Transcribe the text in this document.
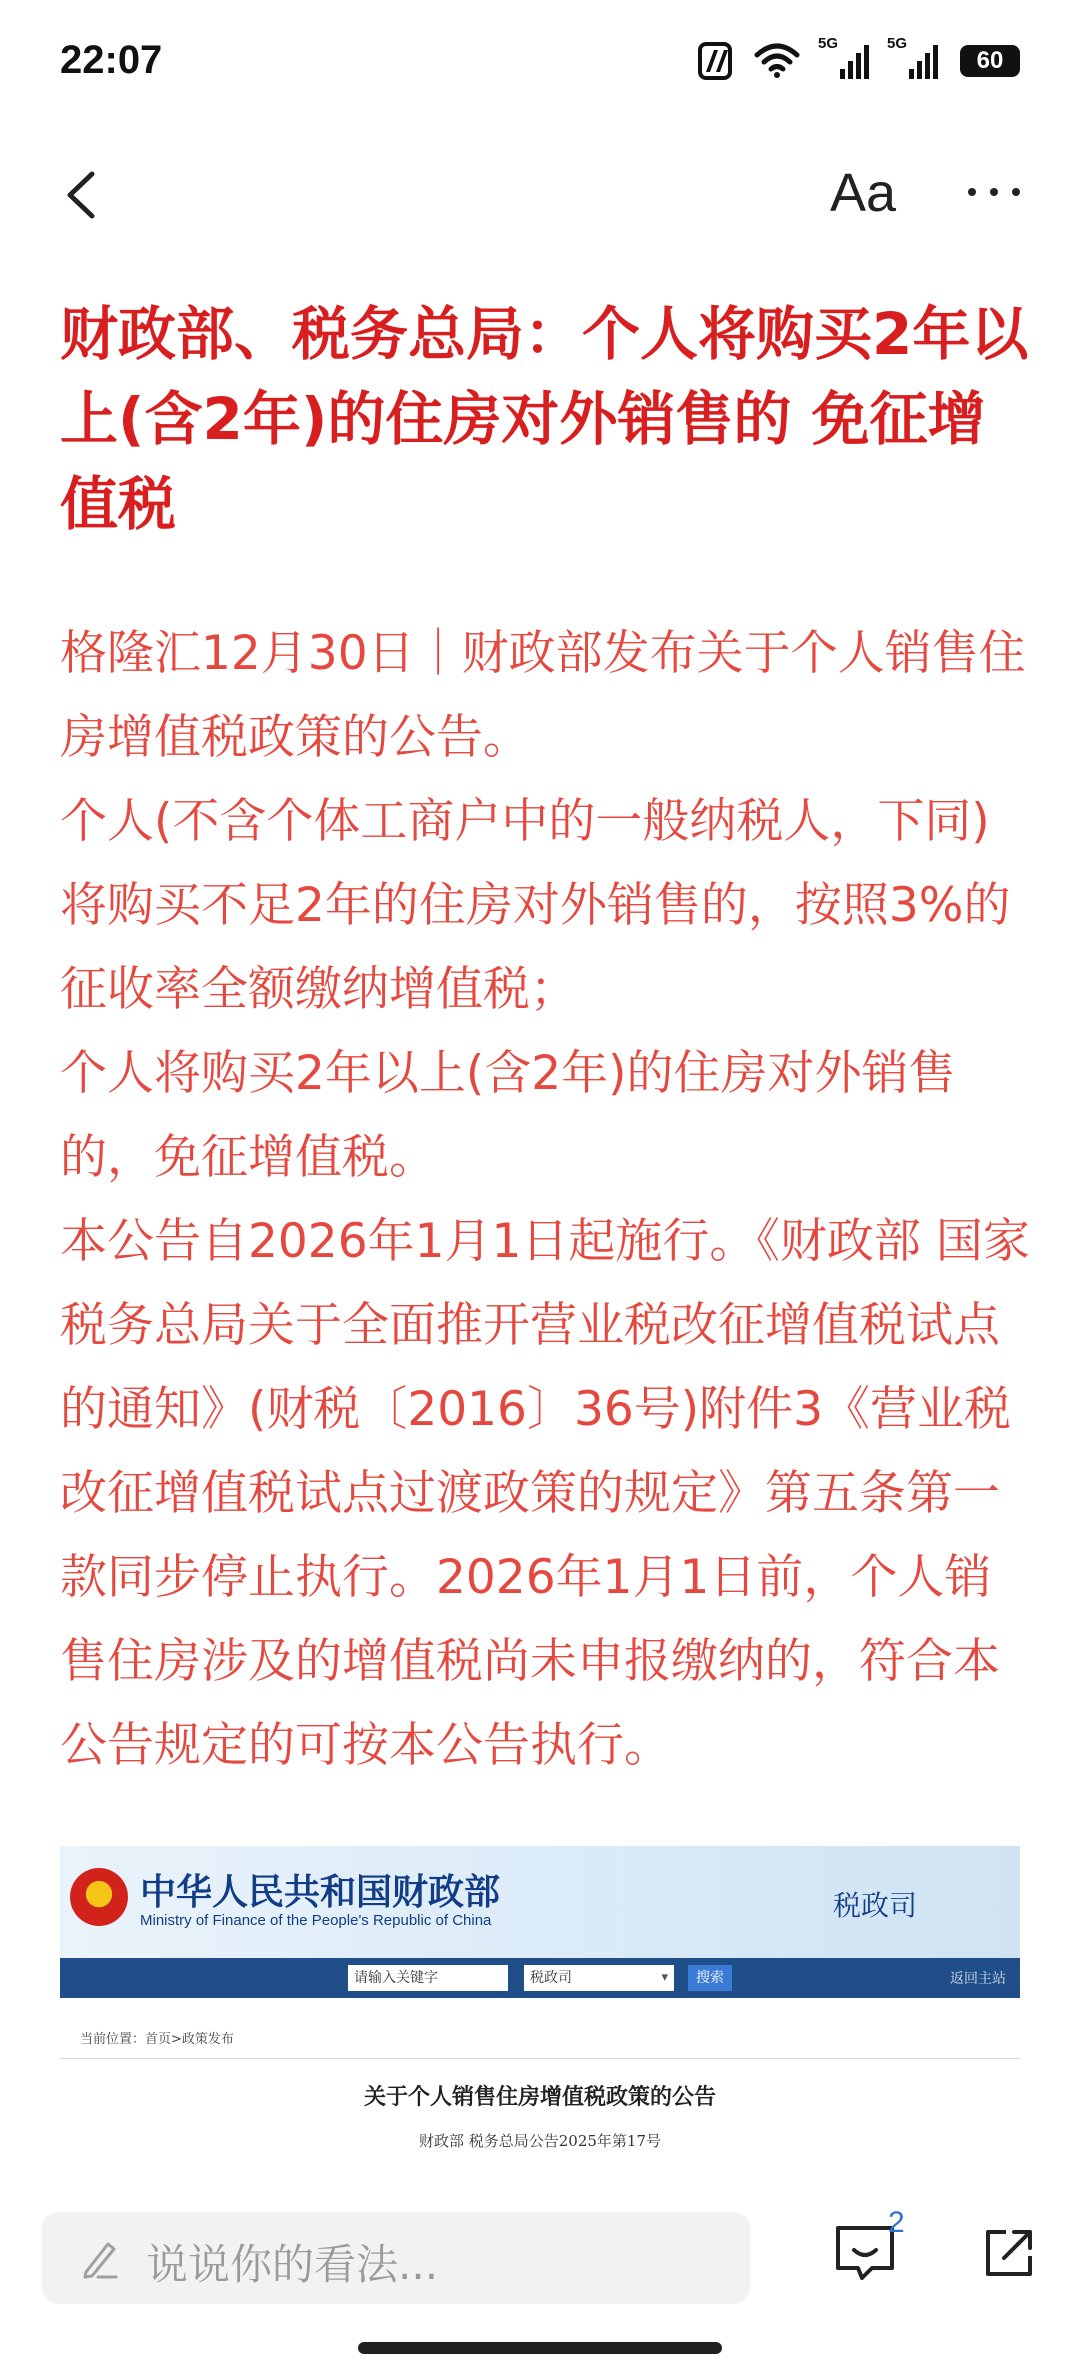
22:07	5G	5G
60
Aa
财政部、税务总局：个人将购买2年以上(含2年)的住房对外销售的 免征增值税

格隆汇12月30日｜财政部发布关于个人销售住房增值税政策的公告。

个人(不含个体工商户中的一般纳税人，下同)将购买不足2年的住房对外销售的，按照3%的征收率全额缴纳增值税；

个人将购买2年以上(含2年)的住房对外销售的，免征增值税。

本公告自2026年1月1日起施行。《财政部 国家税务总局关于全面推开营业税改征增值税试点的通知》(财税〔2016〕36号)附件3《营业税改征增值税试点过渡政策的规定》第五条第一款同步停止执行。2026年1月1日前，个人销售住房涉及的增值税尚未申报缴纳的，符合本公告规定的可按本公告执行。

中华人民共和国财政部
Ministry of Finance of the People's Republic of China	税政司
请输入关键字	税政司 ▾	搜索	返回主站
当前位置：首页>政策发布
关于个人销售住房增值税政策的公告
财政部 税务总局公告2025年第17号
说说你的看法...
2
